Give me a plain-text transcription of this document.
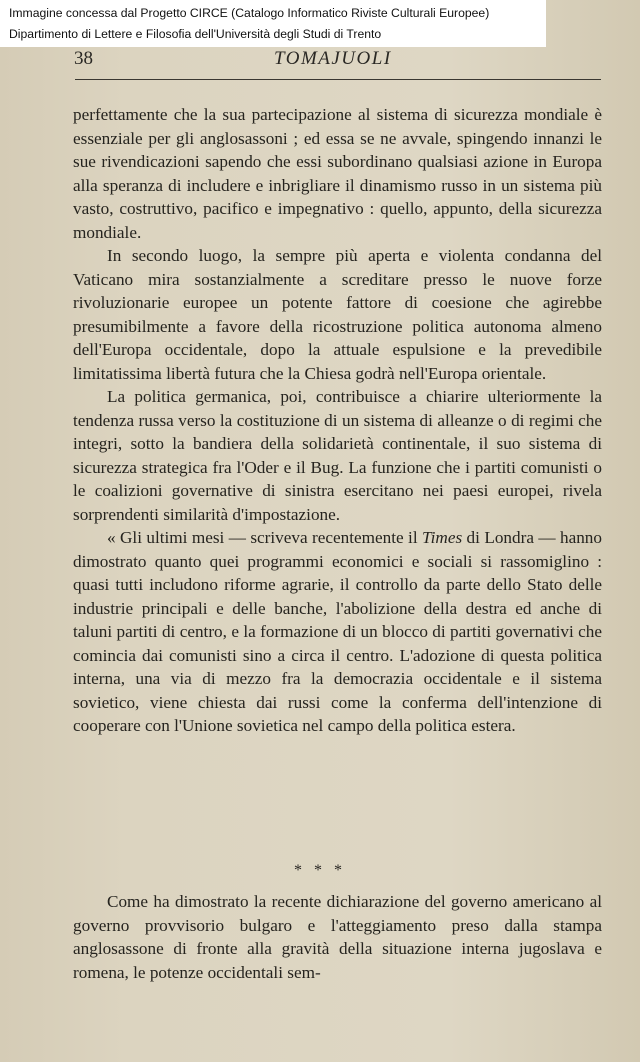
Immagine concessa dal Progetto CIRCE (Catalogo Informatico Riviste Culturali Europee)
Dipartimento di Lettere e Filosofia dell'Università degli Studi di Trento
38	TOMAJUOLI

perfettamente che la sua partecipazione al sistema di sicurezza mondiale è essenziale per gli anglosassoni ; ed essa se ne avvale, spingendo innanzi le sue rivendicazioni sapendo che essi subordinano qualsiasi azione in Europa alla speranza di includere e inbrigliare il dinamismo russo in un sistema più vasto, costruttivo, pacifico e impegnativo : quello, appunto, della sicurezza mondiale.

In secondo luogo, la sempre più aperta e violenta condanna del Vaticano mira sostanzialmente a screditare presso le nuove forze rivoluzionarie europee un potente fattore di coesione che agirebbe presumibilmente a favore della ricostruzione politica autonoma almeno dell'Europa occidentale, dopo la attuale espulsione e la prevedibile limitatissima libertà futura che la Chiesa godrà nell'Europa orientale.

La politica germanica, poi, contribuisce a chiarire ulteriormente la tendenza russa verso la costituzione di un sistema di alleanze o di regimi che integri, sotto la bandiera della solidarietà continentale, il suo sistema di sicurezza strategica fra l'Oder e il Bug. La funzione che i partiti comunisti o le coalizioni governative di sinistra esercitano nei paesi europei, rivela sorprendenti similarità d'impostazione.

« Gli ultimi mesi — scriveva recentemente il Times di Londra — hanno dimostrato quanto quei programmi economici e sociali si rassomiglino : quasi tutti includono riforme agrarie, il controllo da parte dello Stato delle industrie principali e delle banche, l'abolizione della destra ed anche di taluni partiti di centro, e la formazione di un blocco di partiti governativi che comincia dai comunisti sino a circa il centro. L'adozione di questa politica interna, una via di mezzo fra la democrazia occidentale e il sistema sovietico, viene chiesta dai russi come la conferma dell'intenzione di cooperare con l'Unione sovietica nel campo della politica estera.

* * *

Come ha dimostrato la recente dichiarazione del governo americano al governo provvisorio bulgaro e l'atteggiamento preso dalla stampa anglosassone di fronte alla gravità della situazione interna jugoslava e romena, le potenze occidentali sem-
